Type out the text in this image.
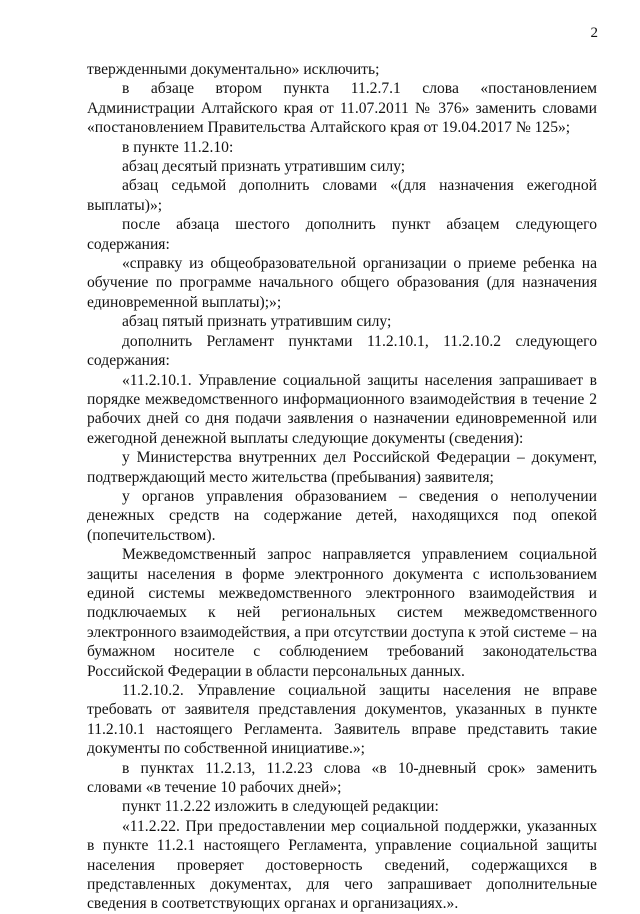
2

твержденными документально» исключить;

в абзаце втором пункта 11.2.7.1 слова «постановлением Администрации Алтайского края от 11.07.2011 № 376» заменить словами «постановлением Правительства Алтайского края от 19.04.2017 № 125»;

в пункте 11.2.10:

абзац десятый признать утратившим силу;

абзац седьмой дополнить словами «(для назначения ежегодной выплаты)»;

после абзаца шестого дополнить пункт абзацем следующего содержания:

«справку из общеобразовательной организации о приеме ребенка на обучение по программе начального общего образования (для назначения единовременной выплаты);»;

абзац пятый признать утратившим силу;

дополнить Регламент пунктами 11.2.10.1, 11.2.10.2 следующего содержания:

«11.2.10.1. Управление социальной защиты населения запрашивает в порядке межведомственного информационного взаимодействия в течение 2 рабочих дней со дня подачи заявления о назначении единовременной или ежегодной денежной выплаты следующие документы (сведения):

у Министерства внутренних дел Российской Федерации – документ, подтверждающий место жительства (пребывания) заявителя;

у органов управления образованием – сведения о неполучении денежных средств на содержание детей, находящихся под опекой (попечительством).

Межведомственный запрос направляется управлением социальной защиты населения в форме электронного документа с использованием единой системы межведомственного электронного взаимодействия и подключаемых к ней региональных систем межведомственного электронного взаимодействия, а при отсутствии доступа к этой системе – на бумажном носителе с соблюдением требований законодательства Российской Федерации в области персональных данных.

11.2.10.2. Управление социальной защиты населения не вправе требовать от заявителя представления документов, указанных в пункте 11.2.10.1 настоящего Регламента. Заявитель вправе представить такие документы по собственной инициативе.»;

в пунктах 11.2.13, 11.2.23 слова «в 10-дневный срок» заменить словами «в течение 10 рабочих дней»;

пункт 11.2.22 изложить в следующей редакции:

«11.2.22. При предоставлении мер социальной поддержки, указанных в пункте 11.2.1 настоящего Регламента, управление социальной защиты населения проверяет достоверность сведений, содержащихся в представленных документах, для чего запрашивает дополнительные сведения в соответствующих органах и организациях.».
